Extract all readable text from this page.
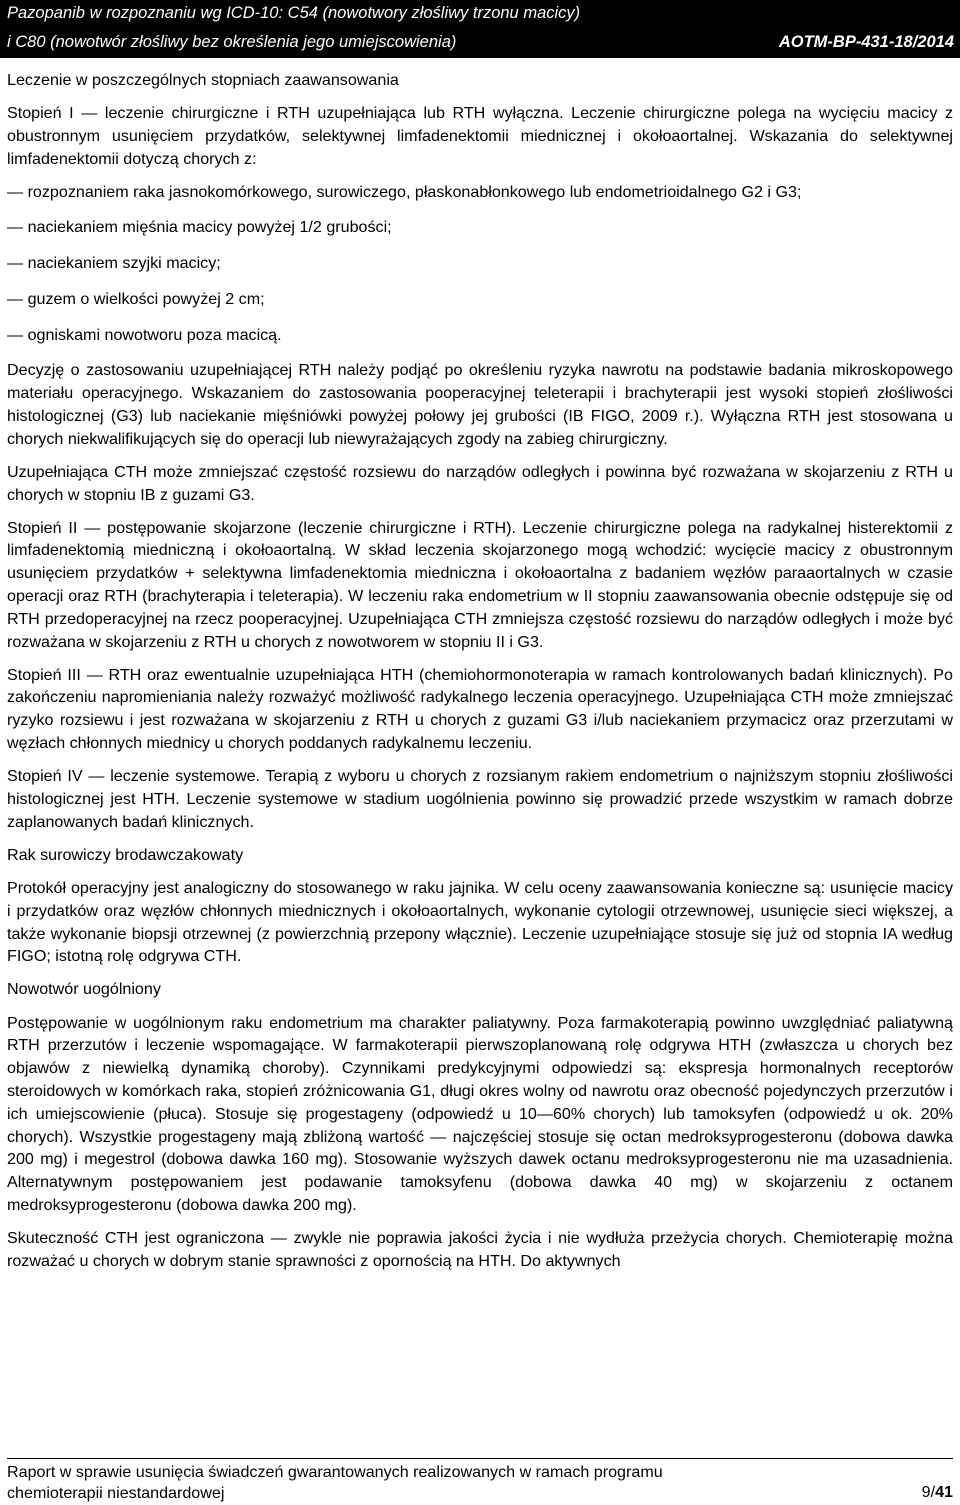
Pazopanib w rozpoznaniu wg ICD-10: C54 (nowotwory złośliwy trzonu macicy)
i C80 (nowotwór złośliwy bez określenia jego umiejscowienia)	AOTM-BP-431-18/2014
Leczenie w poszczególnych stopniach zaawansowania

Stopień I — leczenie chirurgiczne i RTH uzupełniająca lub RTH wyłączna. Leczenie chirurgiczne polega na wycięciu macicy z obustronnym usunięciem przydatków, selektywnej limfadenektomii miednicznej i okołoaortalnej. Wskazania do selektywnej limfadenektomii dotyczą chorych z:

— rozpoznaniem raka jasnokomórkowego, surowiczego, płaskonabłonkowego lub endometrioidalnego G2 i G3;
— naciekaniem mięśnia macicy powyżej 1/2 grubości;
— naciekaniem szyjki macicy;
— guzem o wielkości powyżej 2 cm;
— ogniskami nowotworu poza macicą.

Decyzję o zastosowaniu uzupełniającej RTH należy podjąć po określeniu ryzyka nawrotu na podstawie badania mikroskopowego materiału operacyjnego. Wskazaniem do zastosowania pooperacyjnej teleterapii i brachyterapii jest wysoki stopień złośliwości histologicznej (G3) lub naciekanie mięśniówki powyżej połowy jej grubości (IB FIGO, 2009 r.). Wyłączna RTH jest stosowana u chorych niekwalifikujących się do operacji lub niewyrażających zgody na zabieg chirurgiczny.

Uzupełniająca CTH może zmniejszać częstość rozsiewu do narządów odległych i powinna być rozważana w skojarzeniu z RTH u chorych w stopniu IB z guzami G3.

Stopień II — postępowanie skojarzone (leczenie chirurgiczne i RTH). Leczenie chirurgiczne polega na radykalnej histerektomii z limfadenektomią miedniczną i okołoaortalną. W skład leczenia skojarzonego mogą wchodzić: wycięcie macicy z obustronnym usunięciem przydatków + selektywna limfadenektomia miedniczna i okołoaortalna z badaniem węzłów paraaortalnych w czasie operacji oraz RTH (brachyterapia i teleterapia). W leczeniu raka endometrium w II stopniu zaawansowania obecnie odstępuje się od RTH przedoperacyjnej na rzecz pooperacyjnej. Uzupełniająca CTH zmniejsza częstość rozsiewu do narządów odległych i może być rozważana w skojarzeniu z RTH u chorych z nowotworem w stopniu II i G3.

Stopień III — RTH oraz ewentualnie uzupełniająca HTH (chemiohormonoterapia w ramach kontrolowanych badań klinicznych). Po zakończeniu napromieniania należy rozważyć możliwość radykalnego leczenia operacyjnego. Uzupełniająca CTH może zmniejszać ryzyko rozsiewu i jest rozważana w skojarzeniu z RTH u chorych z guzami G3 i/lub naciekaniem przymacicz oraz przerzutami w węzłach chłonnych miednicy u chorych poddanych radykalnemu leczeniu.

Stopień IV — leczenie systemowe. Terapią z wyboru u chorych z rozsianym rakiem endometrium o najniższym stopniu złośliwości histologicznej jest HTH. Leczenie systemowe w stadium uogólnienia powinno się prowadzić przede wszystkim w ramach dobrze zaplanowanych badań klinicznych.

Rak surowiczy brodawczakowaty

Protokół operacyjny jest analogiczny do stosowanego w raku jajnika. W celu oceny zaawansowania konieczne są: usunięcie macicy i przydatków oraz węzłów chłonnych miednicznych i okołoaortalnych, wykonanie cytologii otrzewnowej, usunięcie sieci większej, a także wykonanie biopsji otrzewnej (z powierzchnią przepony włącznie). Leczenie uzupełniające stosuje się już od stopnia IA według FIGO; istotną rolę odgrywa CTH.

Nowotwór uogólniony

Postępowanie w uogólnionym raku endometrium ma charakter paliatywny. Poza farmakoterapią powinno uwzględniać paliatywną RTH przerzutów i leczenie wspomagające. W farmakoterapii pierwszoplanowaną rolę odgrywa HTH (zwłaszcza u chorych bez objawów z niewielką dynamiką choroby). Czynnikami predykcyjnymi odpowiedzi są: ekspresja hormonalnych receptorów steroidowych w komórkach raka, stopień zróżnicowania G1, długi okres wolny od nawrotu oraz obecność pojedynczych przerzutów i ich umiejscowienie (płuca). Stosuje się progestageny (odpowiedź u 10—60% chorych) lub tamoksyfen (odpowiedź u ok. 20% chorych). Wszystkie progestageny mają zbliżoną wartość — najczęściej stosuje się octan medroksyprogesteronu (dobowa dawka 200 mg) i megestrol (dobowa dawka 160 mg). Stosowanie wyższych dawek octanu medroksyprogesteronu nie ma uzasadnienia. Alternatywnym postępowaniem jest podawanie tamoksyfenu (dobowa dawka 40 mg) w skojarzeniu z octanem medroksyprogesteronu (dobowa dawka 200 mg).

Skuteczność CTH jest ograniczona — zwykle nie poprawia jakości życia i nie wydłuża przeżycia chorych. Chemioterapię można rozważać u chorych w dobrym stanie sprawności z opornością na HTH. Do aktywnych

Raport w sprawie usunięcia świadczeń gwarantowanych realizowanych w ramach programu
chemioterapii niestandardowej	9/41
